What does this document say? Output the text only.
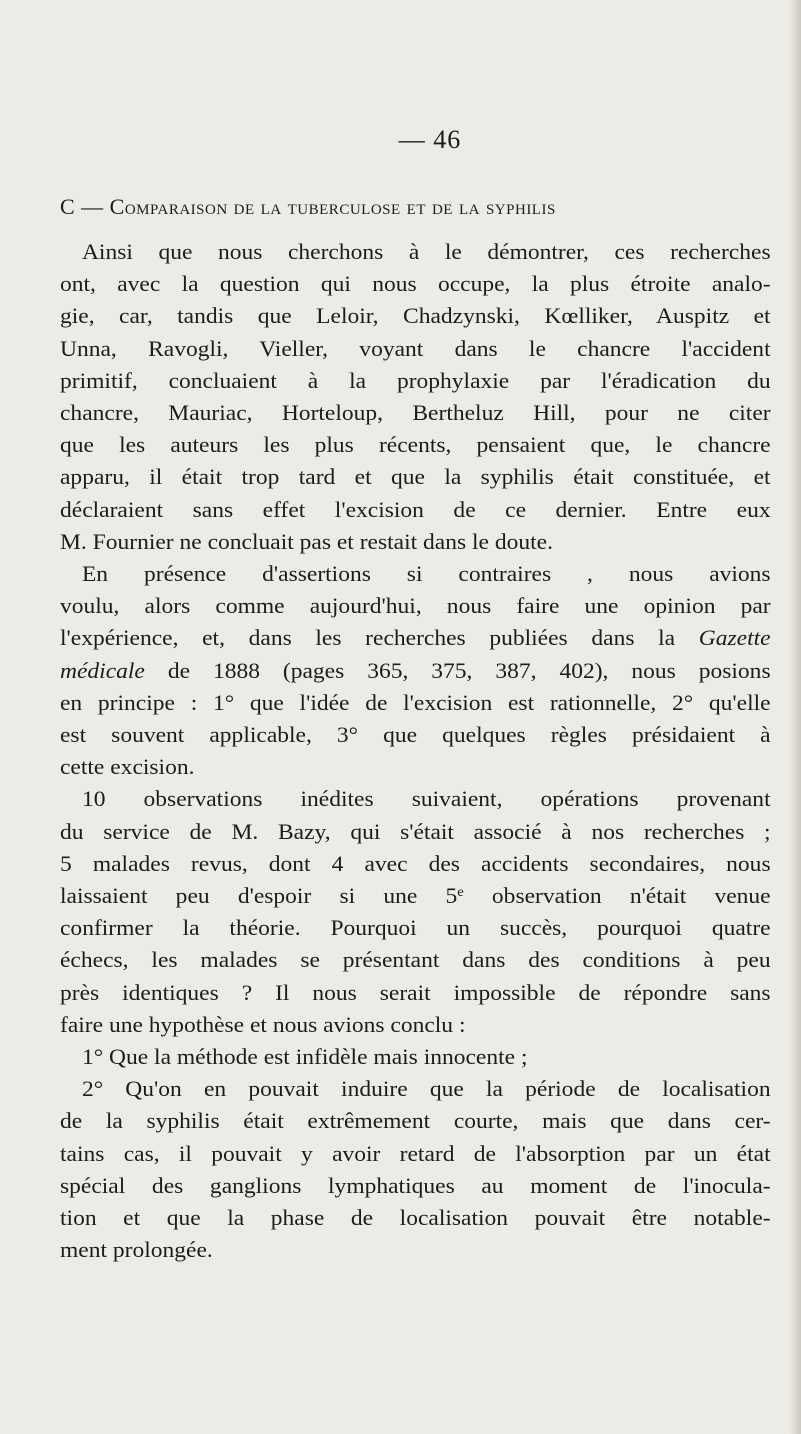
— 46
C — Comparaison de la tuberculose et de la syphilis
Ainsi que nous cherchons à le démontrer, ces recherches
ont, avec la question qui nous occupe, la plus étroite analo-
gie, car, tandis que Leloir, Chadzynski, Kœlliker, Auspitz et
Unna, Ravogli, Vieller, voyant dans le chancre l'accident
primitif, concluaient à la prophylaxie par l'éradication du
chancre, Mauriac, Horteloup, Bertheluz Hill, pour ne citer
que les auteurs les plus récents, pensaient que, le chancre
apparu, il était trop tard et que la syphilis était constituée, et
déclaraient sans effet l'excision de ce dernier. Entre eux
M. Fournier ne concluait pas et restait dans le doute.
En présence d'assertions si contraires , nous avions
voulu, alors comme aujourd'hui, nous faire une opinion par
l'expérience, et, dans les recherches publiées dans la Gazette
médicale de 1888 (pages 365, 375, 387, 402), nous posions
en principe : 1° que l'idée de l'excision est rationnelle, 2° qu'elle
est souvent applicable, 3° que quelques règles présidaient à
cette excision.
10 observations inédites suivaient, opérations provenant
du service de M. Bazy, qui s'était associé à nos recherches ;
5 malades revus, dont 4 avec des accidents secondaires, nous
laissaient peu d'espoir si une 5e observation n'était venue
confirmer la théorie. Pourquoi un succès, pourquoi quatre
échecs, les malades se présentant dans des conditions à peu
près identiques ? Il nous serait impossible de répondre sans
faire une hypothèse et nous avions conclu :
1° Que la méthode est infidèle mais innocente ;
2° Qu'on en pouvait induire que la période de localisation
de la syphilis était extrêmement courte, mais que dans cer-
tains cas, il pouvait y avoir retard de l'absorption par un état
spécial des ganglions lymphatiques au moment de l'inocula-
tion et que la phase de localisation pouvait être notable-
ment prolongée.
